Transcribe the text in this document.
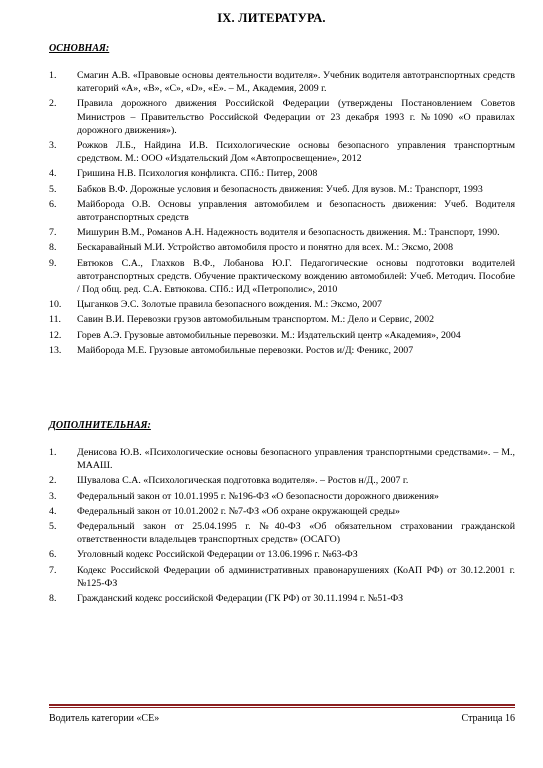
IX. ЛИТЕРАТУРА.
ОСНОВНАЯ:
1. Смагин А.В. «Правовые основы деятельности водителя». Учебник водителя автотранспортных средств категорий «А», «В», «С», «D», «Е». – М., Академия, 2009 г.
2. Правила дорожного движения Российской Федерации (утверждены Постановлением Советов Министров – Правительство Российской Федерации от 23 декабря 1993 г. №1090 «О правилах дорожного движения»).
3. Рожков Л.Б., Найдина И.В. Психологические основы безопасного управления транспортным средством. М.: ООО «Издательский Дом «Автопросвещение», 2012
4. Гришина Н.В. Психология конфликта. СПб.: Питер, 2008
5. Бабков В.Ф. Дорожные условия и безопасность движения: Учеб. Для вузов. М.: Транспорт, 1993
6. Майборода О.В. Основы управления автомобилем и безопасность движения: Учеб. Водителя автотранспортных средств
7. Мишурин В.М., Романов А.Н. Надежность водителя и безопасность движения. М.: Транспорт, 1990.
8. Бескаравайный М.И. Устройство автомобиля просто и понятно для всех. М.: Эксмо, 2008
9. Евтюков С.А., Глахков В.Ф., Лобанова Ю.Г. Педагогические основы подготовки водителей автотранспортных средств. Обучение практическому вождению автомобилей: Учеб. Методич. Пособие / Под общ. ред. С.А. Евтюкова. СПб.: ИД «Петрополис», 2010
10. Цыганков Э.С. Золотые правила безопасного вождения. М.: Эксмо, 2007
11. Савин В.И. Перевозки грузов автомобильным транспортом. М.: Дело и Сервис, 2002
12. Горев А.Э. Грузовые автомобильные перевозки. М.: Издательский центр «Академия», 2004
13. Майборода М.Е. Грузовые автомобильные перевозки. Ростов и/Д: Феникс, 2007
ДОПОЛНИТЕЛЬНАЯ:
1. Денисова Ю.В. «Психологические основы безопасного управления транспортными средствами». – М., МААШ.
2. Шувалова С.А. «Психологическая подготовка водителя». – Ростов н/Д., 2007 г.
3. Федеральный закон от 10.01.1995 г. №196-ФЗ «О безопасности дорожного движения»
4. Федеральный закон от 10.01.2002 г. №7-ФЗ «Об охране окружающей среды»
5. Федеральный закон от 25.04.1995 г. №40-ФЗ «Об обязательном страховании гражданской ответственности владельцев транспортных средств» (ОСАГО)
6. Уголовный кодекс Российской Федерации от 13.06.1996 г. №63-ФЗ
7. Кодекс Российской Федерации об административных правонарушениях (КоАП РФ) от 30.12.2001 г. №125-ФЗ
8. Гражданский кодекс российской Федерации (ГК РФ) от 30.11.1994 г. №51-ФЗ
Водитель категории «СЕ»	Страница 16
